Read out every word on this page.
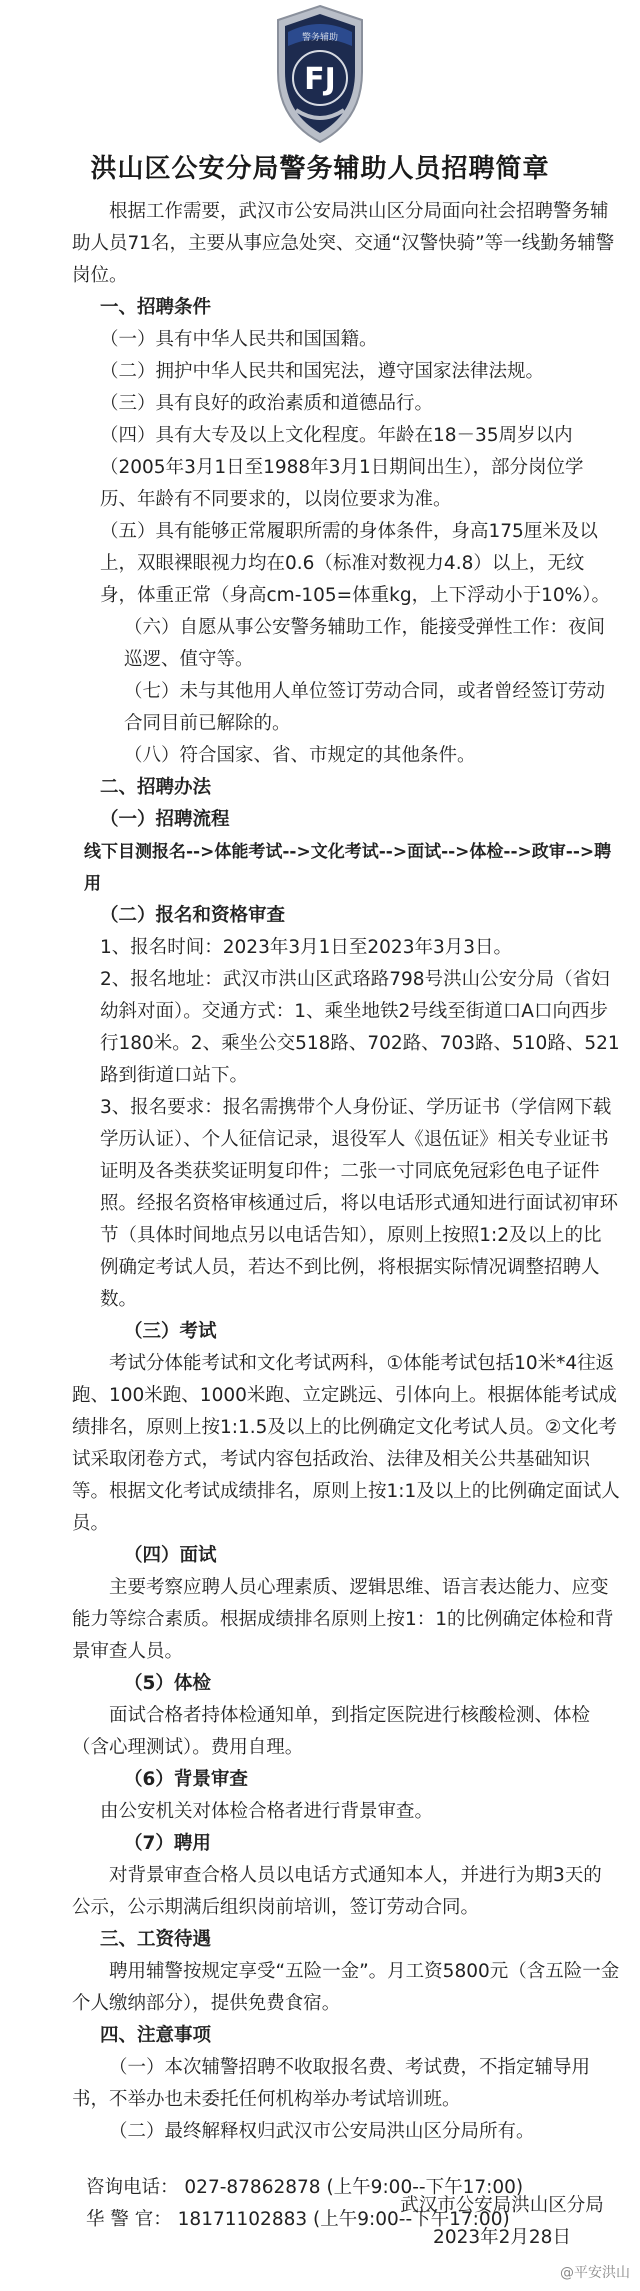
警务辅助
FJ
洪山区公安分局警务辅助人员招聘简章

根据工作需要，武汉市公安局洪山区分局面向社会招聘警务辅助人员71名，主要从事应急处突、交通“汉警快骑”等一线勤务辅警岗位。

一、招聘条件

（一）具有中华人民共和国国籍。

（二）拥护中华人民共和国宪法，遵守国家法律法规。

（三）具有良好的政治素质和道德品行。

（四）具有大专及以上文化程度。年龄在18－35周岁以内（2005年3月1日至1988年3月1日期间出生），部分岗位学历、年龄有不同要求的，以岗位要求为准。

（五）具有能够正常履职所需的身体条件，身高175厘米及以上，双眼裸眼视力均在0.6（标准对数视力4.8）以上，无纹身，体重正常（身高cm-105=体重kg，上下浮动小于10%）。

（六）自愿从事公安警务辅助工作，能接受弹性工作：夜间巡逻、值守等。

（七）未与其他用人单位签订劳动合同，或者曾经签订劳动合同目前已解除的。

（八）符合国家、省、市规定的其他条件。

二、招聘办法

（一）招聘流程

线下目测报名-->体能考试-->文化考试-->面试-->体检-->政审-->聘用

（二）报名和资格审查

1、报名时间：2023年3月1日至2023年3月3日。

2、报名地址：武汉市洪山区武珞路798号洪山公安分局（省妇幼斜对面）。交通方式：1、乘坐地铁2号线至街道口A口向西步行180米。2、乘坐公交518路、702路、703路、510路、521路到街道口站下。

3、报名要求：报名需携带个人身份证、学历证书（学信网下载学历认证）、个人征信记录，退役军人《退伍证》相关专业证书证明及各类获奖证明复印件；二张一寸同底免冠彩色电子证件照。经报名资格审核通过后，将以电话形式通知进行面试初审环节（具体时间地点另以电话告知），原则上按照1:2及以上的比例确定考试人员，若达不到比例，将根据实际情况调整招聘人数。

（三）考试

考试分体能考试和文化考试两科，①体能考试包括10米*4往返跑、100米跑、1000米跑、立定跳远、引体向上。根据体能考试成绩排名，原则上按1:1.5及以上的比例确定文化考试人员。②文化考试采取闭卷方式，考试内容包括政治、法律及相关公共基础知识等。根据文化考试成绩排名，原则上按1:1及以上的比例确定面试人员。

（四）面试

主要考察应聘人员心理素质、逻辑思维、语言表达能力、应变能力等综合素质。根据成绩排名原则上按1：1的比例确定体检和背景审查人员。

（5）体检

面试合格者持体检通知单，到指定医院进行核酸检测、体检（含心理测试）。费用自理。

（6）背景审查

由公安机关对体检合格者进行背景审查。

（7）聘用

对背景审查合格人员以电话方式通知本人，并进行为期3天的公示，公示期满后组织岗前培训，签订劳动合同。

三、工资待遇

聘用辅警按规定享受“五险一金”。月工资5800元（含五险一金个人缴纳部分），提供免费食宿。

四、注意事项

（一）本次辅警招聘不收取报名费、考试费，不指定辅导用书，不举办也未委托任何机构举办考试培训班。

（二）最终解释权归武汉市公安局洪山区分局所有。

咨询电话： 027-87862878 (上午9:00--下午17:00)

华 警 官： 18171102883 (上午9:00--下午17:00)

武汉市公安局洪山区分局
2023年2月28日
@平安洪山
